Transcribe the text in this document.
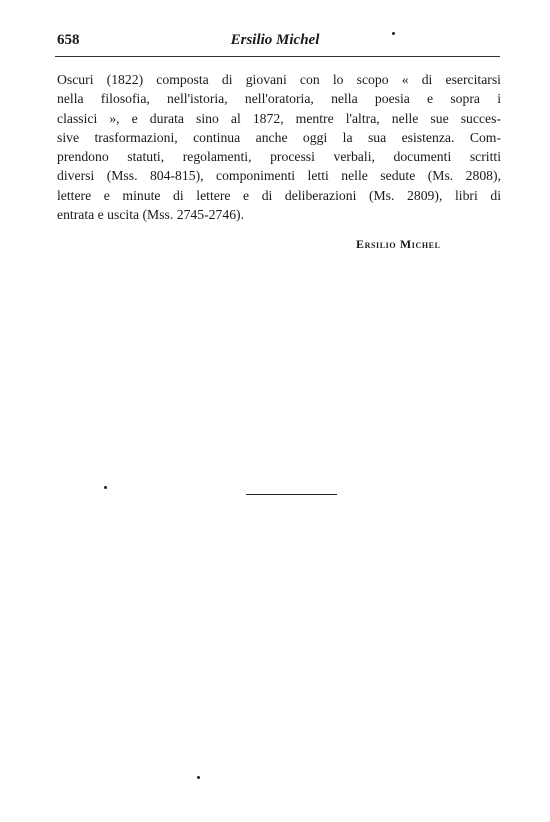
658	Ersilio Michel

Oscuri (1822) composta di giovani con lo scopo « di esercitarsi
nella filosofia, nell'istoria, nell'oratoria, nella poesia e sopra i
classici », e durata sino al 1872, mentre l'altra, nelle sue succes-
sive trasformazioni, continua anche oggi la sua esistenza. Com-
prendono statuti, regolamenti, processi verbali, documenti scritti
diversi (Mss. 804-815), componimenti letti nelle sedute (Ms. 2808),
lettere e minute di lettere e di deliberazioni (Ms. 2809), libri di
entrata e uscita (Mss. 2745-2746).

Ersilio Michel
